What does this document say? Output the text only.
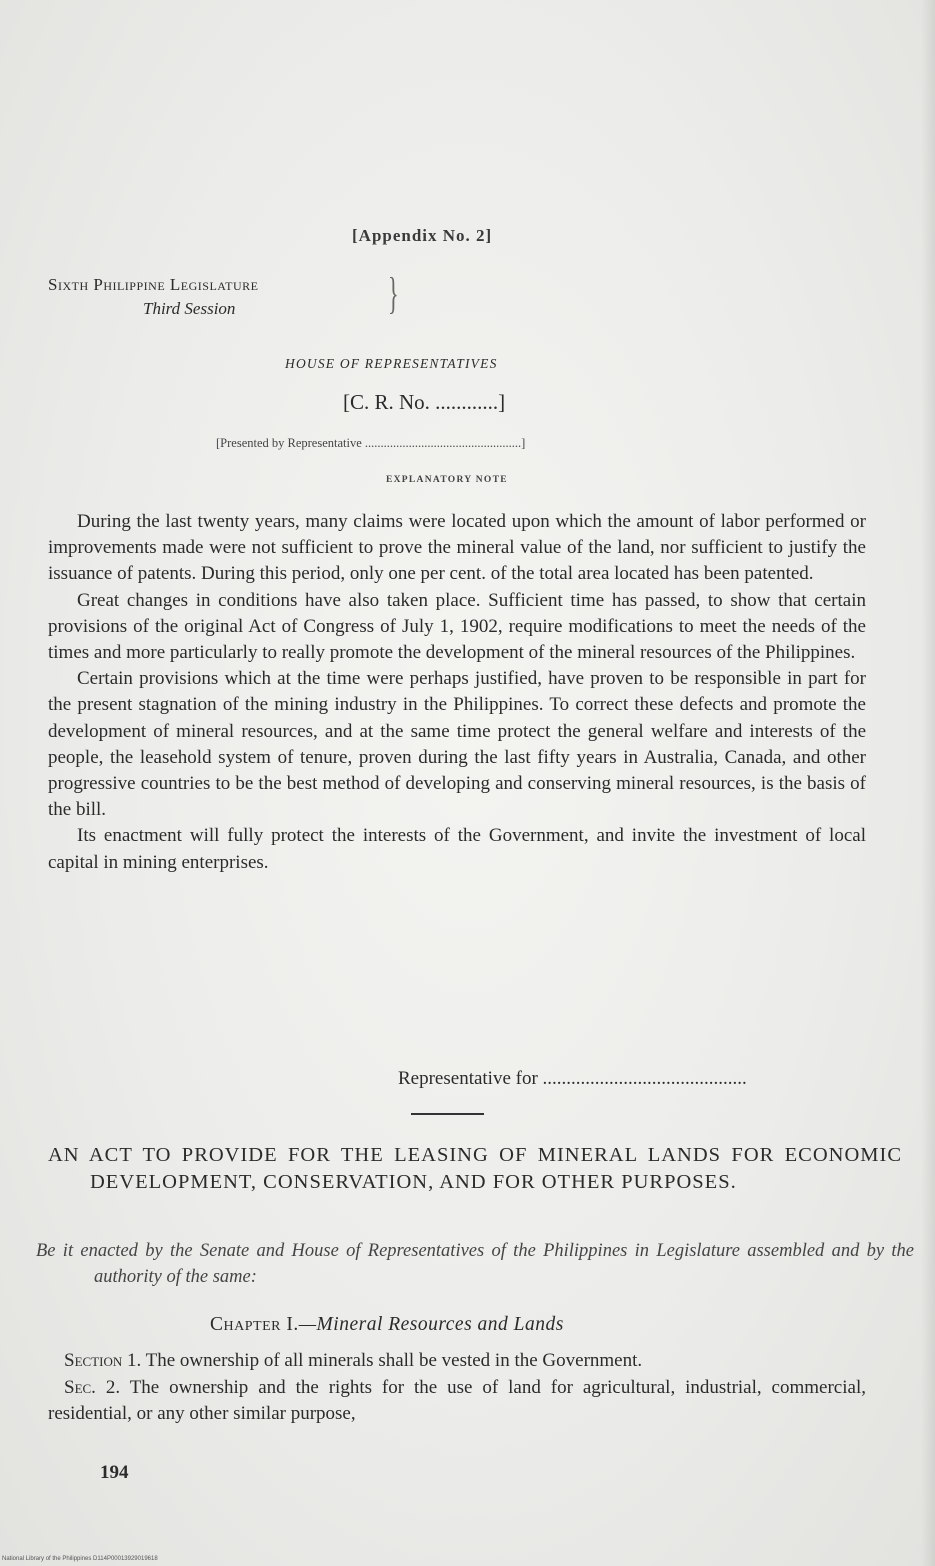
[Appendix No. 2]
Sixth Philippine Legislature
Third Session	}
HOUSE OF REPRESENTATIVES
[C. R. No. ............]
[Presented by Representative ..................................................]
EXPLANATORY NOTE

During the last twenty years, many claims were located upon which the amount of labor performed or improvements made were not sufficient to prove the mineral value of the land, nor sufficient to justify the issuance of patents. During this period, only one per cent. of the total area located has been patented.

Great changes in conditions have also taken place. Sufficient time has passed, to show that certain provisions of the original Act of Congress of July 1, 1902, require modifications to meet the needs of the times and more particularly to really promote the development of the mineral resources of the Philippines.

Certain provisions which at the time were perhaps justified, have proven to be responsible in part for the present stagnation of the mining industry in the Philippines. To correct these defects and promote the development of mineral resources, and at the same time protect the general welfare and interests of the people, the leasehold system of tenure, proven during the last fifty years in Australia, Canada, and other progressive countries to be the best method of developing and conserving mineral resources, is the basis of the bill.

Its enactment will fully protect the interests of the Government, and invite the investment of local capital in mining enterprises.

Representative for ...........................................
AN ACT TO PROVIDE FOR THE LEASING OF MINERAL LANDS FOR ECONOMIC DEVELOPMENT, CONSERVATION, AND FOR OTHER PURPOSES.
Be it enacted by the Senate and House of Representatives of the Philippines in Legislature assembled and by the authority of the same:
Chapter I.—Mineral Resources and Lands

Section 1. The ownership of all minerals shall be vested in the Government.

Sec. 2. The ownership and the rights for the use of land for agricultural, industrial, commercial, residential, or any other similar purpose,

194
National Library of the Philippines D114P00013929019618
